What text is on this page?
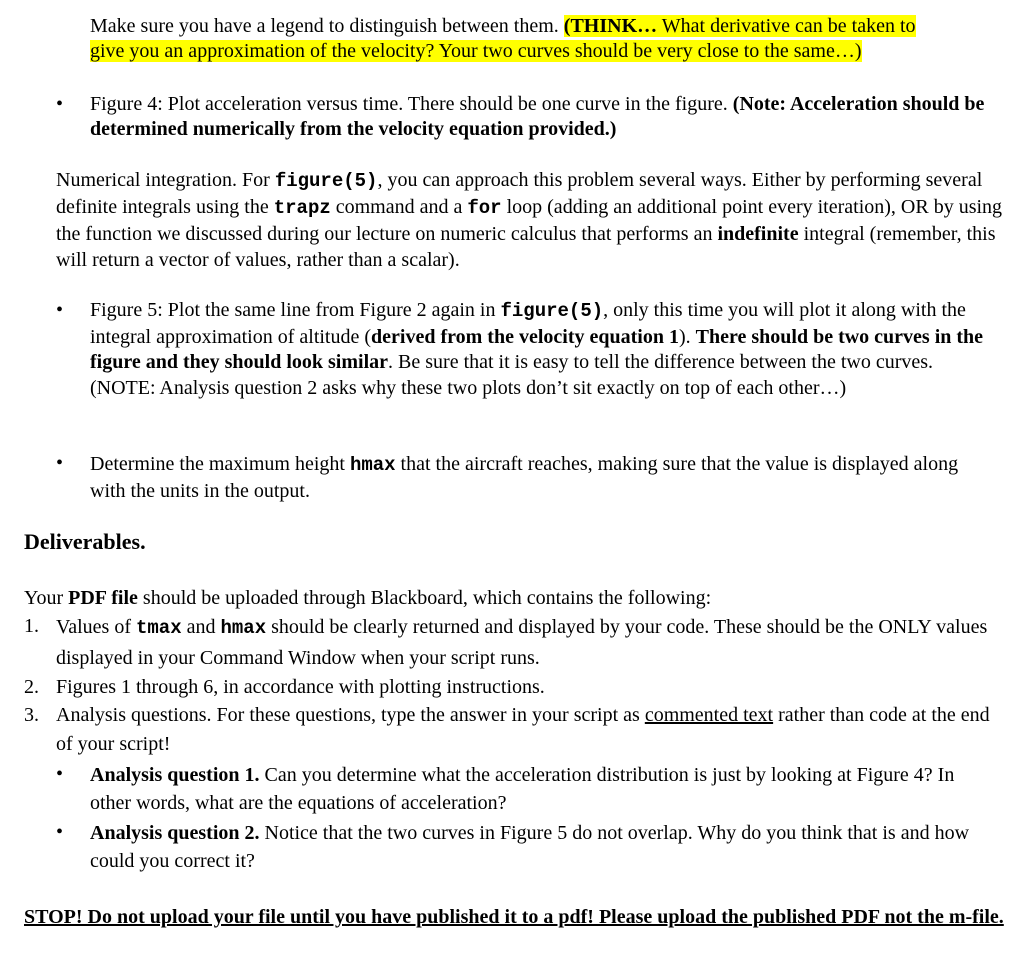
Make sure you have a legend to distinguish between them. (THINK… What derivative can be taken to

give you an approximation of the velocity? Your two curves should be very close to the same…)

•	Figure 4: Plot acceleration versus time. There should be one curve in the figure. (Note: Acceleration should be determined numerically from the velocity equation provided.)

Numerical integration. For figure(5), you can approach this problem several ways. Either by performing several definite integrals using the trapz command and a for loop (adding an additional point every iteration), OR by using the function we discussed during our lecture on numeric calculus that performs an indefinite integral (remember, this will return a vector of values, rather than a scalar).

•	Figure 5: Plot the same line from Figure 2 again in figure(5), only this time you will plot it along with the integral approximation of altitude (derived from the velocity equation 1). There should be two curves in the figure and they should look similar. Be sure that it is easy to tell the difference between the two curves. (NOTE: Analysis question 2 asks why these two plots don’t sit exactly on top of each other…)

•	Determine the maximum height hmax that the aircraft reaches, making sure that the value is displayed along with the units in the output.

Deliverables.

Your PDF file should be uploaded through Blackboard, which contains the following:

1. Values of tmax and hmax should be clearly returned and displayed by your code. These should be the ONLY values displayed in your Command Window when your script runs.

2. Figures 1 through 6, in accordance with plotting instructions.

3. Analysis questions. For these questions, type the answer in your script as commented text rather than code at the end of your script!

•	Analysis question 1. Can you determine what the acceleration distribution is just by looking at Figure 4? In other words, what are the equations of acceleration?

•	Analysis question 2. Notice that the two curves in Figure 5 do not overlap. Why do you think that is and how could you correct it?

STOP! Do not upload your file until you have published it to a pdf! Please upload the published PDF not the m-file.
